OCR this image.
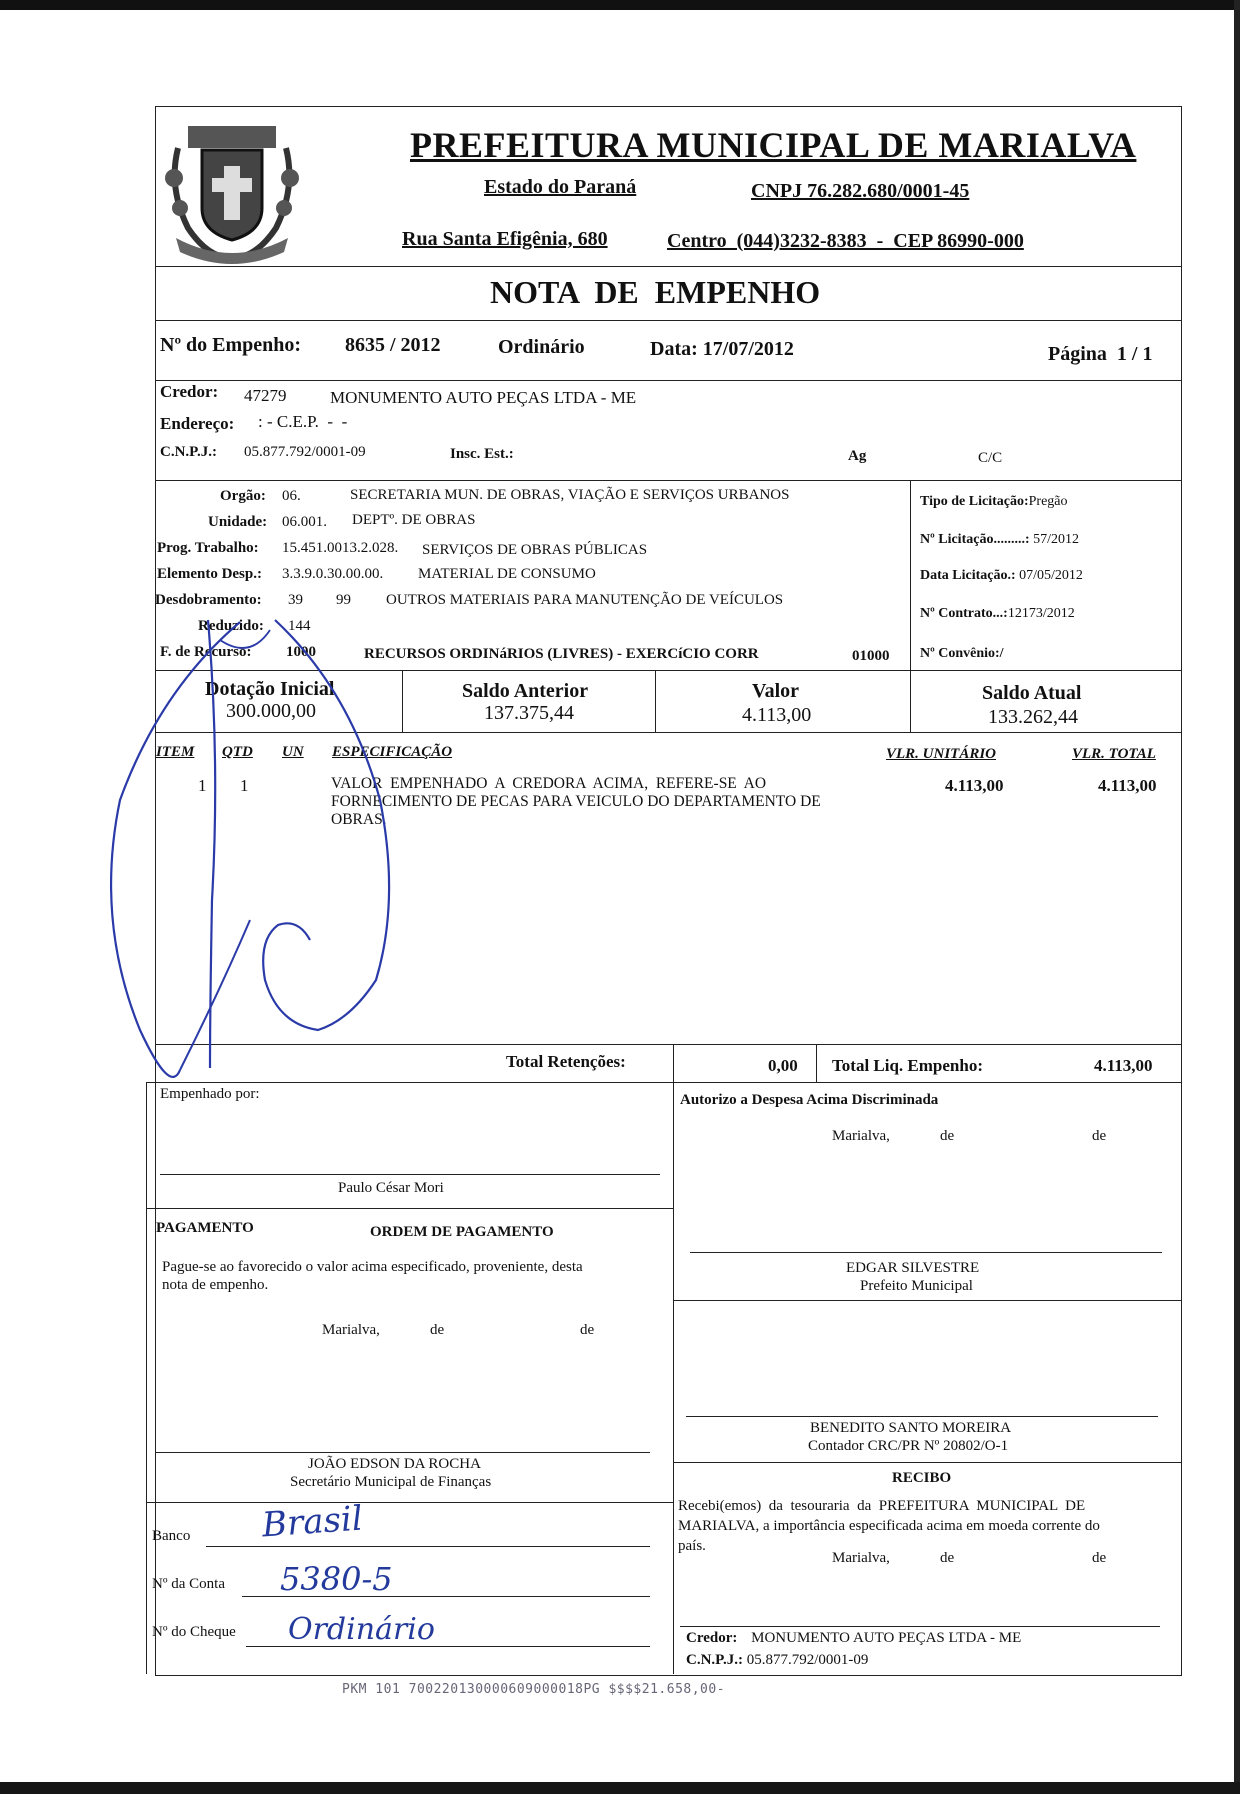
PREFEITURA MUNICIPAL DE MARIALVA
Estado do Paraná	CNPJ 76.282.680/0001-45
Rua Santa Efigênia, 680	Centro  (044)3232-8383  -  CEP 86990-000
NOTA  DE  EMPENHO
Nº do Empenho: 8635 / 2012	Ordinário	Data: 17/07/2012	Página  1 / 1
Credor: 47279	MONUMENTO AUTO PEÇAS LTDA - ME
Endereço: : - C.E.P.  -  -
C.N.P.J.: 05.877.792/0001-09	Insc. Est.:	Ag	C/C
Orgão: 06.	SECRETARIA MUN. DE OBRAS, VIAÇÃO E SERVIÇOS URBANOS
Unidade: 06.001. DEPTº. DE OBRAS
Prog. Trabalho: 15.451.0013.2.028. SERVIÇOS DE OBRAS PÚBLICAS
Elemento Desp.: 3.3.9.0.30.00.00. MATERIAL DE CONSUMO
Desdobramento: 39 99 OUTROS MATERIAIS PARA MANUTENÇÃO DE VEÍCULOS
Reduzido: 144
F. de Recurso: 1000	RECURSOS ORDINáRIOS (LIVRES) - EXERCíCIO CORR	01000
Tipo de Licitação:Pregão
Nº Licitação.........: 57/2012
Data Licitação.: 07/05/2012
Nº Contrato...:12173/2012
Nº Convênio:/
Dotação Inicial
300.000,00
Saldo Anterior
137.375,44
Valor
4.113,00
Saldo Atual
133.262,44
ITEM QTD UN ESPECIFICAÇÃO	VLR. UNITÁRIO	VLR. TOTAL
1 1	VALOR  EMPENHADO  A  CREDORA  ACIMA,  REFERE-SE  AO
FORNECIMENTO DE PECAS PARA VEICULO DO DEPARTAMENTO DE
OBRAS.
4.113,00	4.113,00
Total Retenções:	0,00 Total Liq. Empenho:	4.113,00
Empenhado por:
Paulo César Mori
Autorizo a Despesa Acima Discriminada
Marialva,	de	de
EDGAR SILVESTRE
Prefeito Municipal
PAGAMENTO	ORDEM DE PAGAMENTO
Pague-se ao favorecido o valor acima especificado, proveniente, desta
nota de empenho.
Marialva,	de	de
JOÃO EDSON DA ROCHA
Secretário Municipal de Finanças
BENEDITO SANTO MOREIRA
Contador CRC/PR Nº 20802/O-1
RECIBO
Recebi(emos)  da  tesouraria  da  PREFEITURA  MUNICIPAL  DE
MARIALVA, a importância especificada acima em moeda corrente do
país.
Marialva,	de	de
Credor: MONUMENTO AUTO PEÇAS LTDA - ME
C.N.P.J.: 05.877.792/0001-09
Banco Brasil
Nº da Conta 5380-5
Nº do Cheque Ordinário
PKM 101 700220130000609000018PG $$$$21.658,00-
